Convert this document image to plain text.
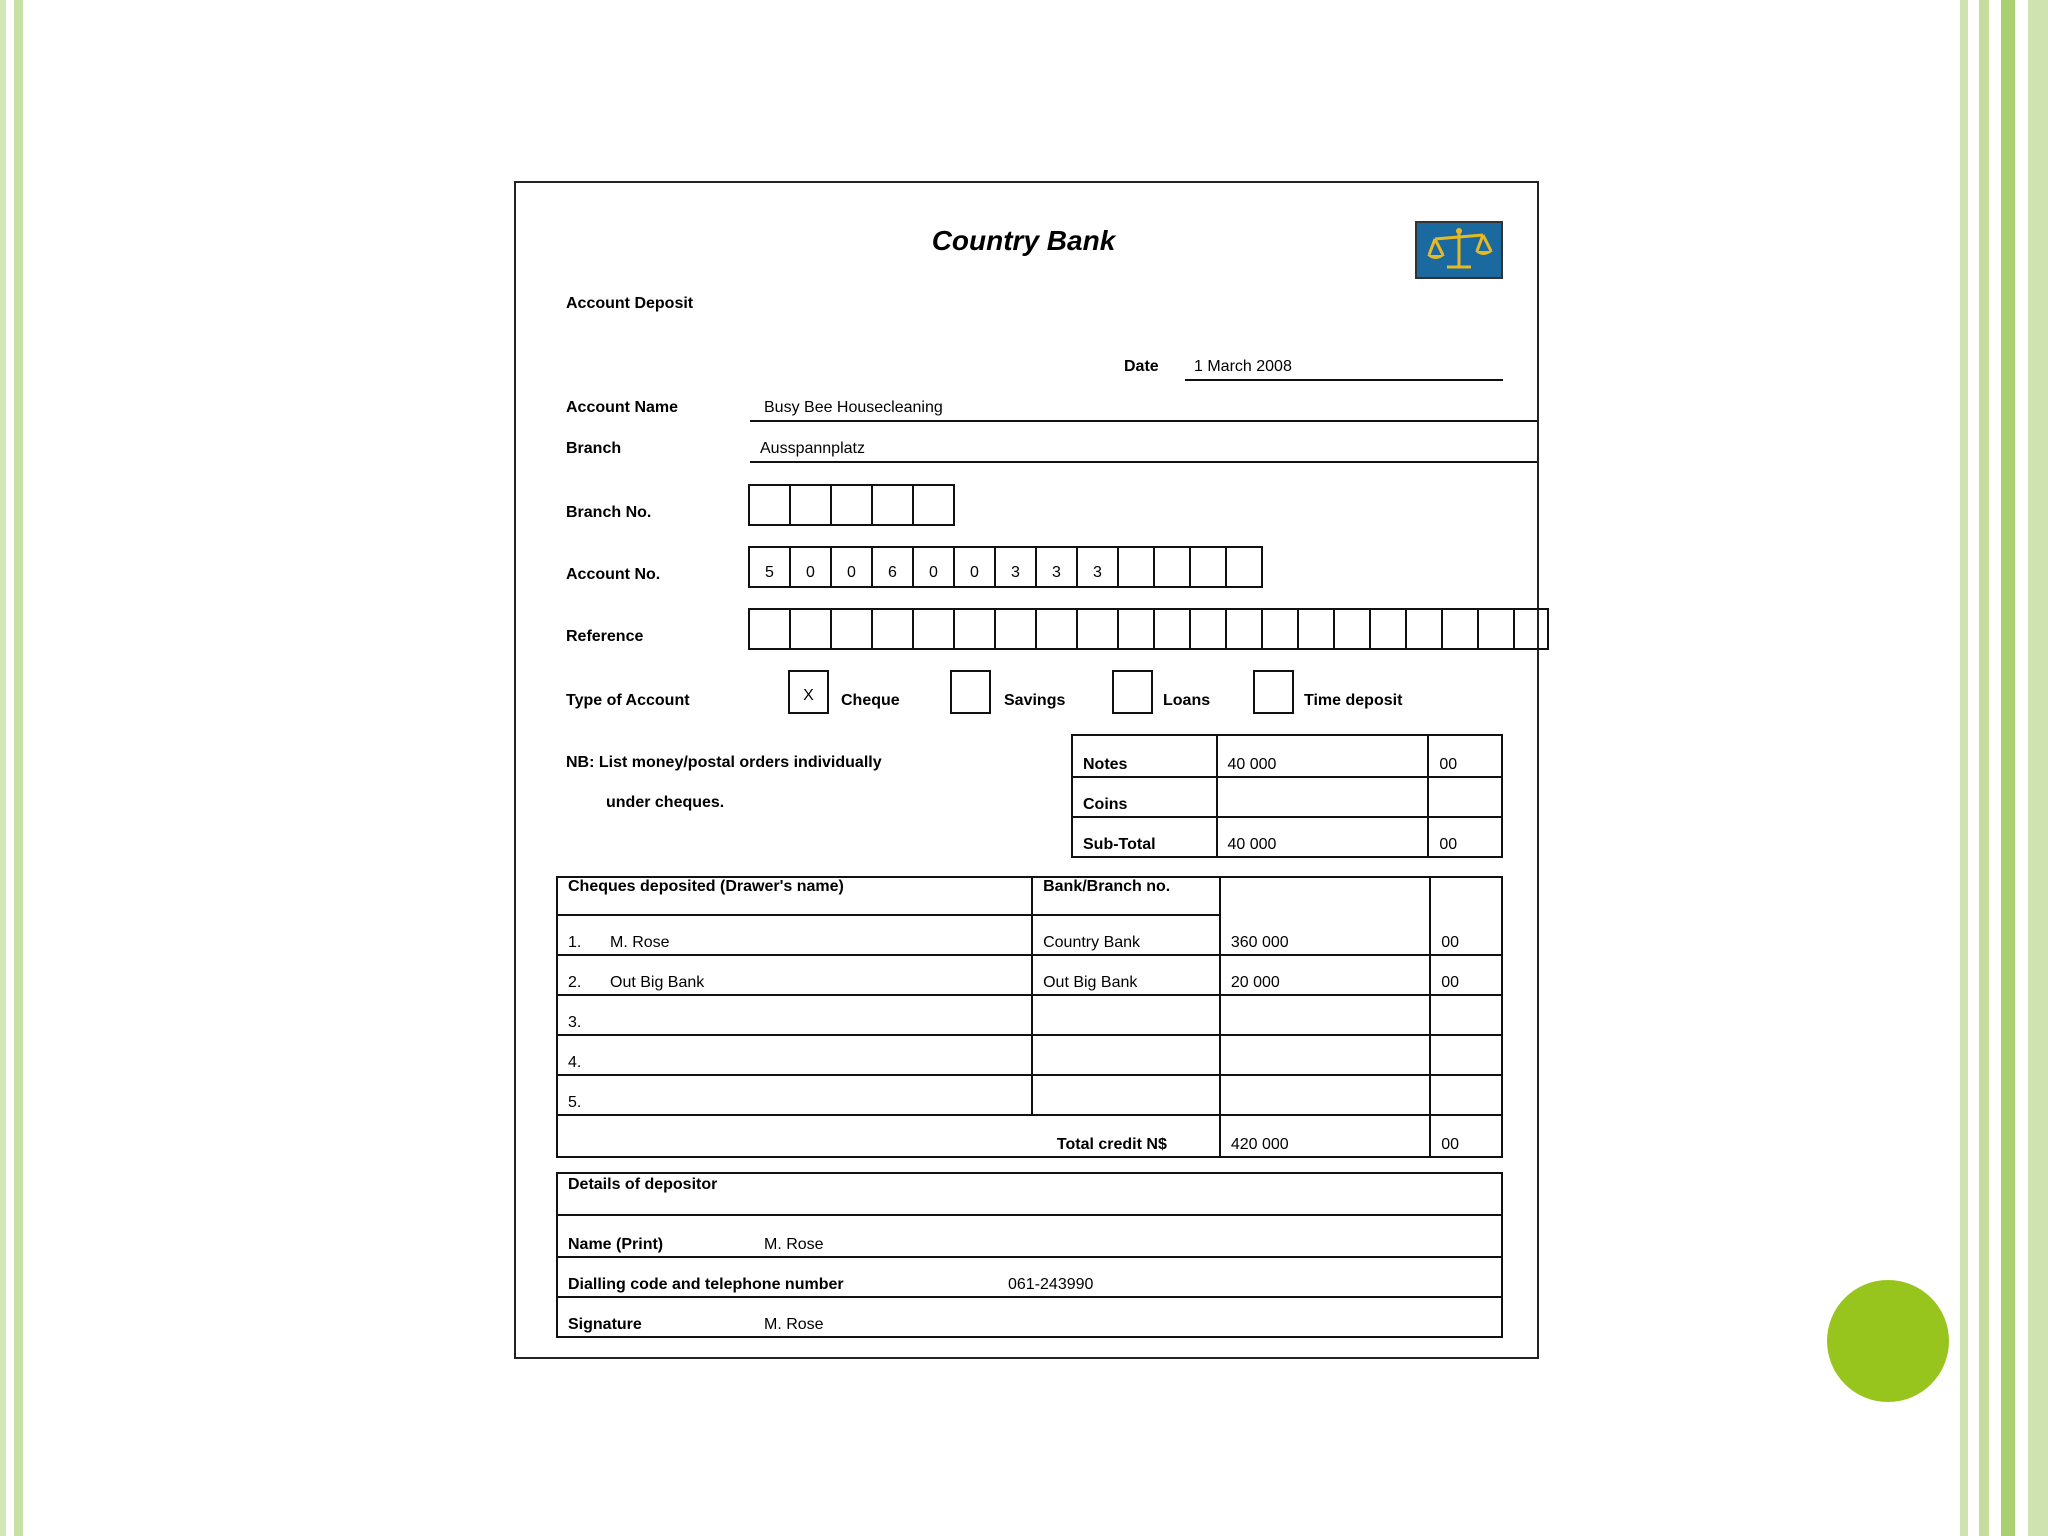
Country Bank
Account Deposit
Date 1 March 2008
Account Name	Busy Bee Housecleaning
Branch	Ausspannplatz
Branch No.
Account No.	5	0	0	6	0	0	3	3	3
Reference
Type of Account	X	Cheque	Savings	Loans	Time deposit
NB: List money/postal orders individually
under cheques.
Notes	40 000	00
Coins		
Sub-Total	40 000	00
Cheques deposited (Drawer's name)	Bank/Branch no.		
1. M. Rose	Country Bank	360 000	00
2. Out Big Bank	Out Big Bank	20 000	00
3.			
4.			
5.			
Total credit N$		420 000	00
Details of depositor
Name (Print)	M. Rose
Dialling code and telephone number	061-243990
Signature	M. Rose
